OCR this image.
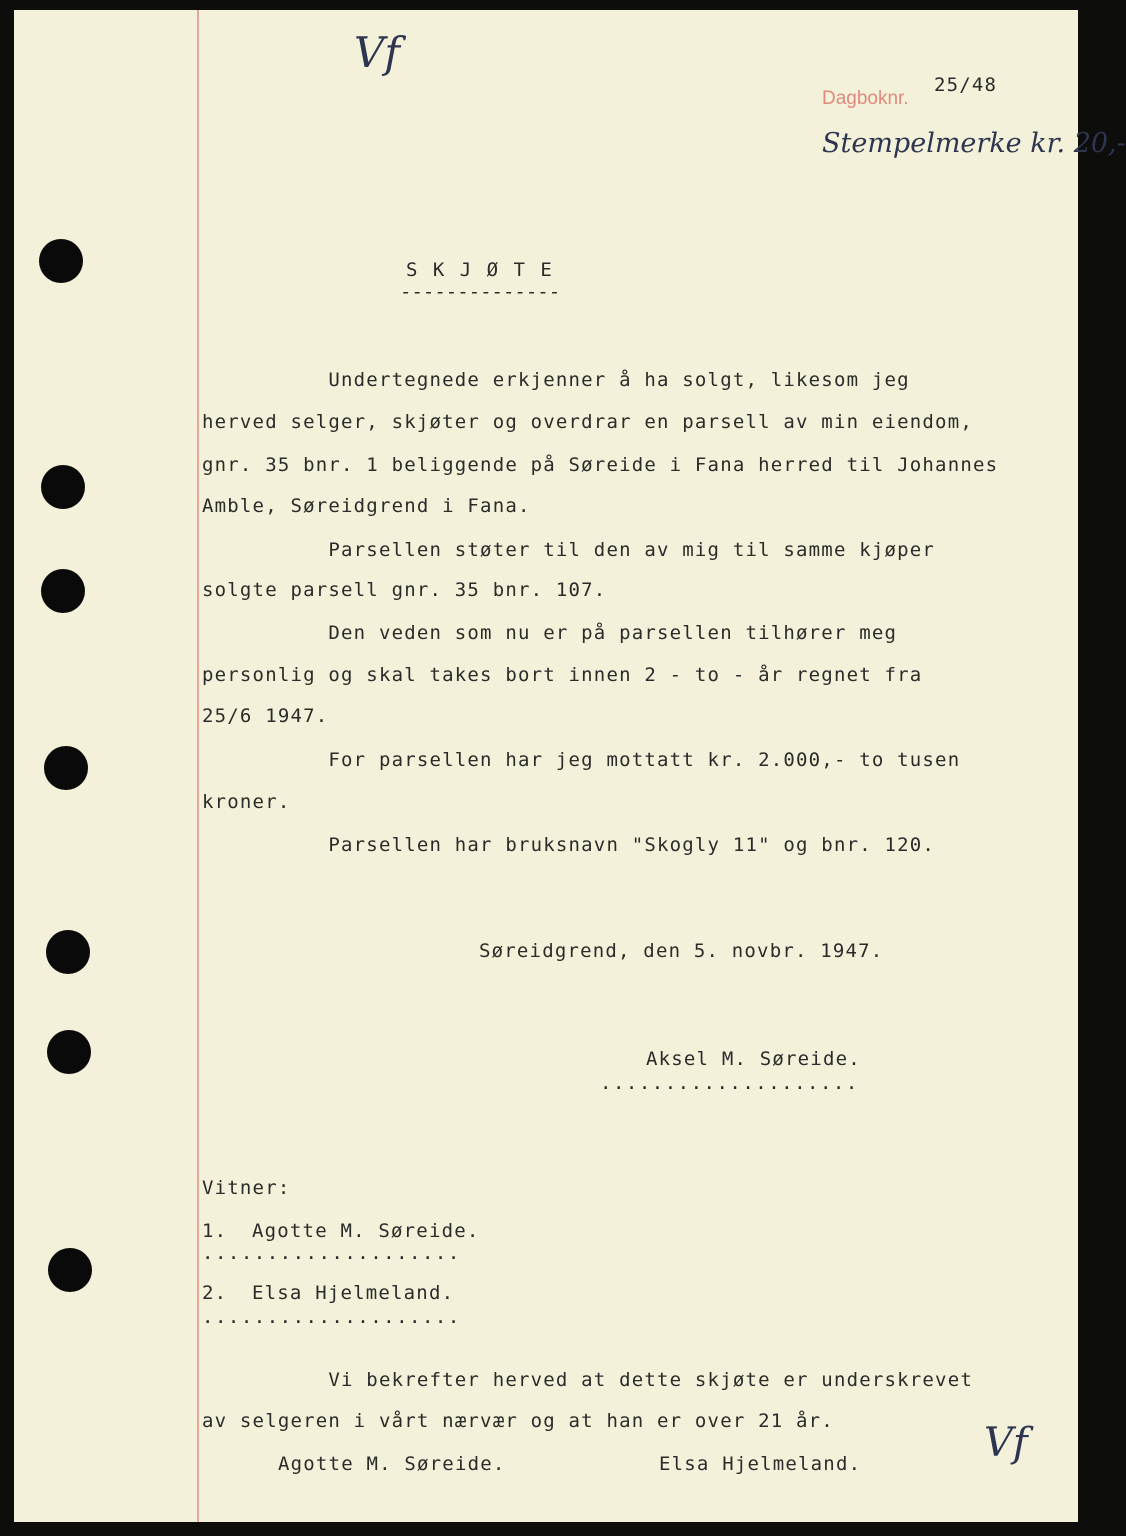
Vf
Dagboknr.
25/48
Stempelmerke kr. 20,-
S K J Ø T E
--------------
Undertegnede erkjenner å ha solgt, likesom jeg
herved selger, skjøter og overdrar en parsell av min eiendom,
gnr. 35 bnr. 1 beliggende på Søreide i Fana herred til Johannes
Amble, Søreidgrend i Fana.
Parsellen støter til den av mig til samme kjøper
solgte parsell gnr. 35 bnr. 107.
Den veden som nu er på parsellen tilhører meg
personlig og skal takes bort innen 2 - to - år regnet fra
25/6 1947.
For parsellen har jeg mottatt kr. 2.000,- to tusen
kroner.
Parsellen har bruksnavn "Skogly 11" og bnr. 120.
Søreidgrend, den 5. novbr. 1947.
Aksel M. Søreide.
....................
Vitner:
1. Agotte M. Søreide.
....................
2. Elsa Hjelmeland.
....................
Vi bekrefter herved at dette skjøte er underskrevet
av selgeren i vårt nærvær og at han er over 21 år.
Agotte M. Søreide.	Elsa Hjelmeland.	Vf
